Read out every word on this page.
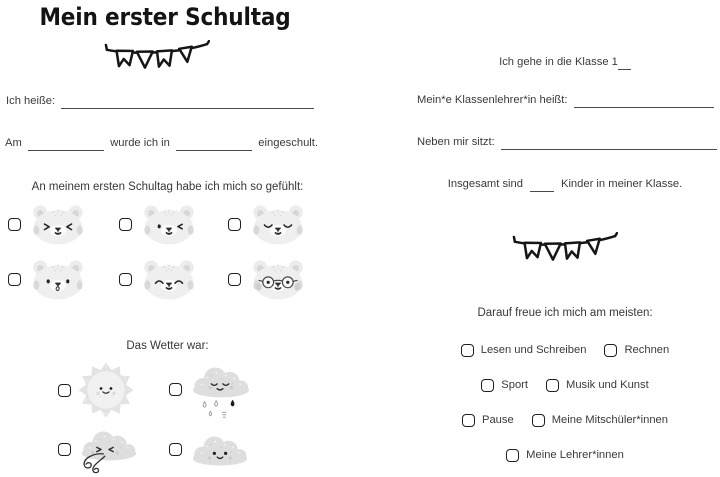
Mein erster Schultag
Ich heiße:
Am	wurde ich in	eingeschult.
An meinem ersten Schultag habe ich mich so gefühlt:
Das Wetter war:
Ich gehe in die Klasse 1
Mein*e Klassenlehrer*in heißt:
Neben mir sitzt:
Insgesamt sind	Kinder in meiner Klasse.
Darauf freue ich mich am meisten:
Lesen und Schreiben	Rechnen
Sport	Musik und Kunst
Pause	Meine Mitschüler*innen
Meine Lehrer*innen
